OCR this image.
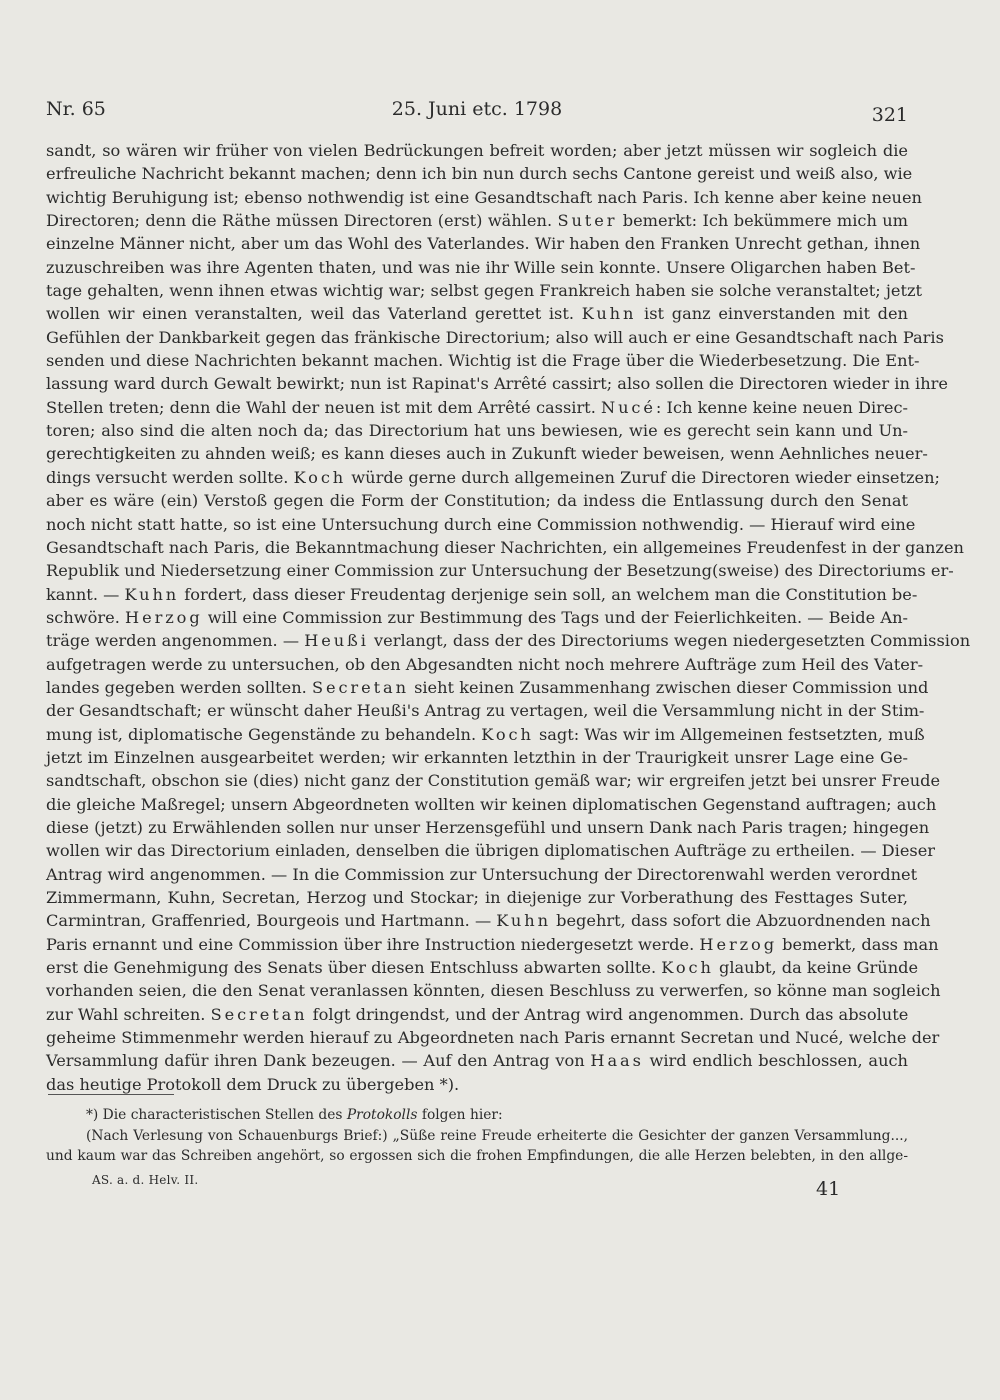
Nr. 65	25. Juni etc. 1798	321
sandt, so wären wir früher von vielen Bedrückungen befreit worden; aber jetzt müssen wir sogleich die
erfreuliche Nachricht bekannt machen; denn ich bin nun durch sechs Cantone gereist und weiß also, wie
wichtig Beruhigung ist; ebenso nothwendig ist eine Gesandtschaft nach Paris. Ich kenne aber keine neuen
Directoren; denn die Räthe müssen Directoren (erst) wählen. Suter bemerkt: Ich bekümmere mich um
einzelne Männer nicht, aber um das Wohl des Vaterlandes. Wir haben den Franken Unrecht gethan, ihnen
zuzuschreiben was ihre Agenten thaten, und was nie ihr Wille sein konnte. Unsere Oligarchen haben Bet-
tage gehalten, wenn ihnen etwas wichtig war; selbst gegen Frankreich haben sie solche veranstaltet; jetzt
wollen wir einen veranstalten, weil das Vaterland gerettet ist. Kuhn ist ganz einverstanden mit den
Gefühlen der Dankbarkeit gegen das fränkische Directorium; also will auch er eine Gesandtschaft nach Paris
senden und diese Nachrichten bekannt machen. Wichtig ist die Frage über die Wiederbesetzung. Die Ent-
lassung ward durch Gewalt bewirkt; nun ist Rapinat's Arrêté cassirt; also sollen die Directoren wieder in ihre
Stellen treten; denn die Wahl der neuen ist mit dem Arrêté cassirt. Nucé: Ich kenne keine neuen Direc-
toren; also sind die alten noch da; das Directorium hat uns bewiesen, wie es gerecht sein kann und Un-
gerechtigkeiten zu ahnden weiß; es kann dieses auch in Zukunft wieder beweisen, wenn Aehnliches neuer-
dings versucht werden sollte. Koch würde gerne durch allgemeinen Zuruf die Directoren wieder einsetzen;
aber es wäre (ein) Verstoß gegen die Form der Constitution; da indess die Entlassung durch den Senat
noch nicht statt hatte, so ist eine Untersuchung durch eine Commission nothwendig. — Hierauf wird eine
Gesandtschaft nach Paris, die Bekanntmachung dieser Nachrichten, ein allgemeines Freudenfest in der ganzen
Republik und Niedersetzung einer Commission zur Untersuchung der Besetzung(sweise) des Directoriums er-
kannt. — Kuhn fordert, dass dieser Freudentag derjenige sein soll, an welchem man die Constitution be-
schwöre. Herzog will eine Commission zur Bestimmung des Tags und der Feierlichkeiten. — Beide An-
träge werden angenommen. — Heußi verlangt, dass der des Directoriums wegen niedergesetzten Commission
aufgetragen werde zu untersuchen, ob den Abgesandten nicht noch mehrere Aufträge zum Heil des Vater-
landes gegeben werden sollten. Secretan sieht keinen Zusammenhang zwischen dieser Commission und
der Gesandtschaft; er wünscht daher Heußi's Antrag zu vertagen, weil die Versammlung nicht in der Stim-
mung ist, diplomatische Gegenstände zu behandeln. Koch sagt: Was wir im Allgemeinen festsetzten, muß
jetzt im Einzelnen ausgearbeitet werden; wir erkannten letzthin in der Traurigkeit unsrer Lage eine Ge-
sandtschaft, obschon sie (dies) nicht ganz der Constitution gemäß war; wir ergreifen jetzt bei unsrer Freude
die gleiche Maßregel; unsern Abgeordneten wollten wir keinen diplomatischen Gegenstand auftragen; auch
diese (jetzt) zu Erwählenden sollen nur unser Herzensgefühl und unsern Dank nach Paris tragen; hingegen
wollen wir das Directorium einladen, denselben die übrigen diplomatischen Aufträge zu ertheilen. — Dieser
Antrag wird angenommen. — In die Commission zur Untersuchung der Directorenwahl werden verordnet
Zimmermann, Kuhn, Secretan, Herzog und Stockar; in diejenige zur Vorberathung des Festtages Suter,
Carmintran, Graffenried, Bourgeois und Hartmann. — Kuhn begehrt, dass sofort die Abzuordnenden nach
Paris ernannt und eine Commission über ihre Instruction niedergesetzt werde. Herzog bemerkt, dass man
erst die Genehmigung des Senats über diesen Entschluss abwarten sollte. Koch glaubt, da keine Gründe
vorhanden seien, die den Senat veranlassen könnten, diesen Beschluss zu verwerfen, so könne man sogleich
zur Wahl schreiten. Secretan folgt dringendst, und der Antrag wird angenommen. Durch das absolute
geheime Stimmenmehr werden hierauf zu Abgeordneten nach Paris ernannt Secretan und Nucé, welche der
Versammlung dafür ihren Dank bezeugen. — Auf den Antrag von Haas wird endlich beschlossen, auch
das heutige Protokoll dem Druck zu übergeben *).
*) Die characteristischen Stellen des Protokolls folgen hier:
(Nach Verlesung von Schauenburgs Brief:) „Süße reine Freude erheiterte die Gesichter der ganzen Versammlung...,
und kaum war das Schreiben angehört, so ergossen sich die frohen Empfindungen, die alle Herzen belebten, in den allge-
AS. a. d. Helv. II.	41
